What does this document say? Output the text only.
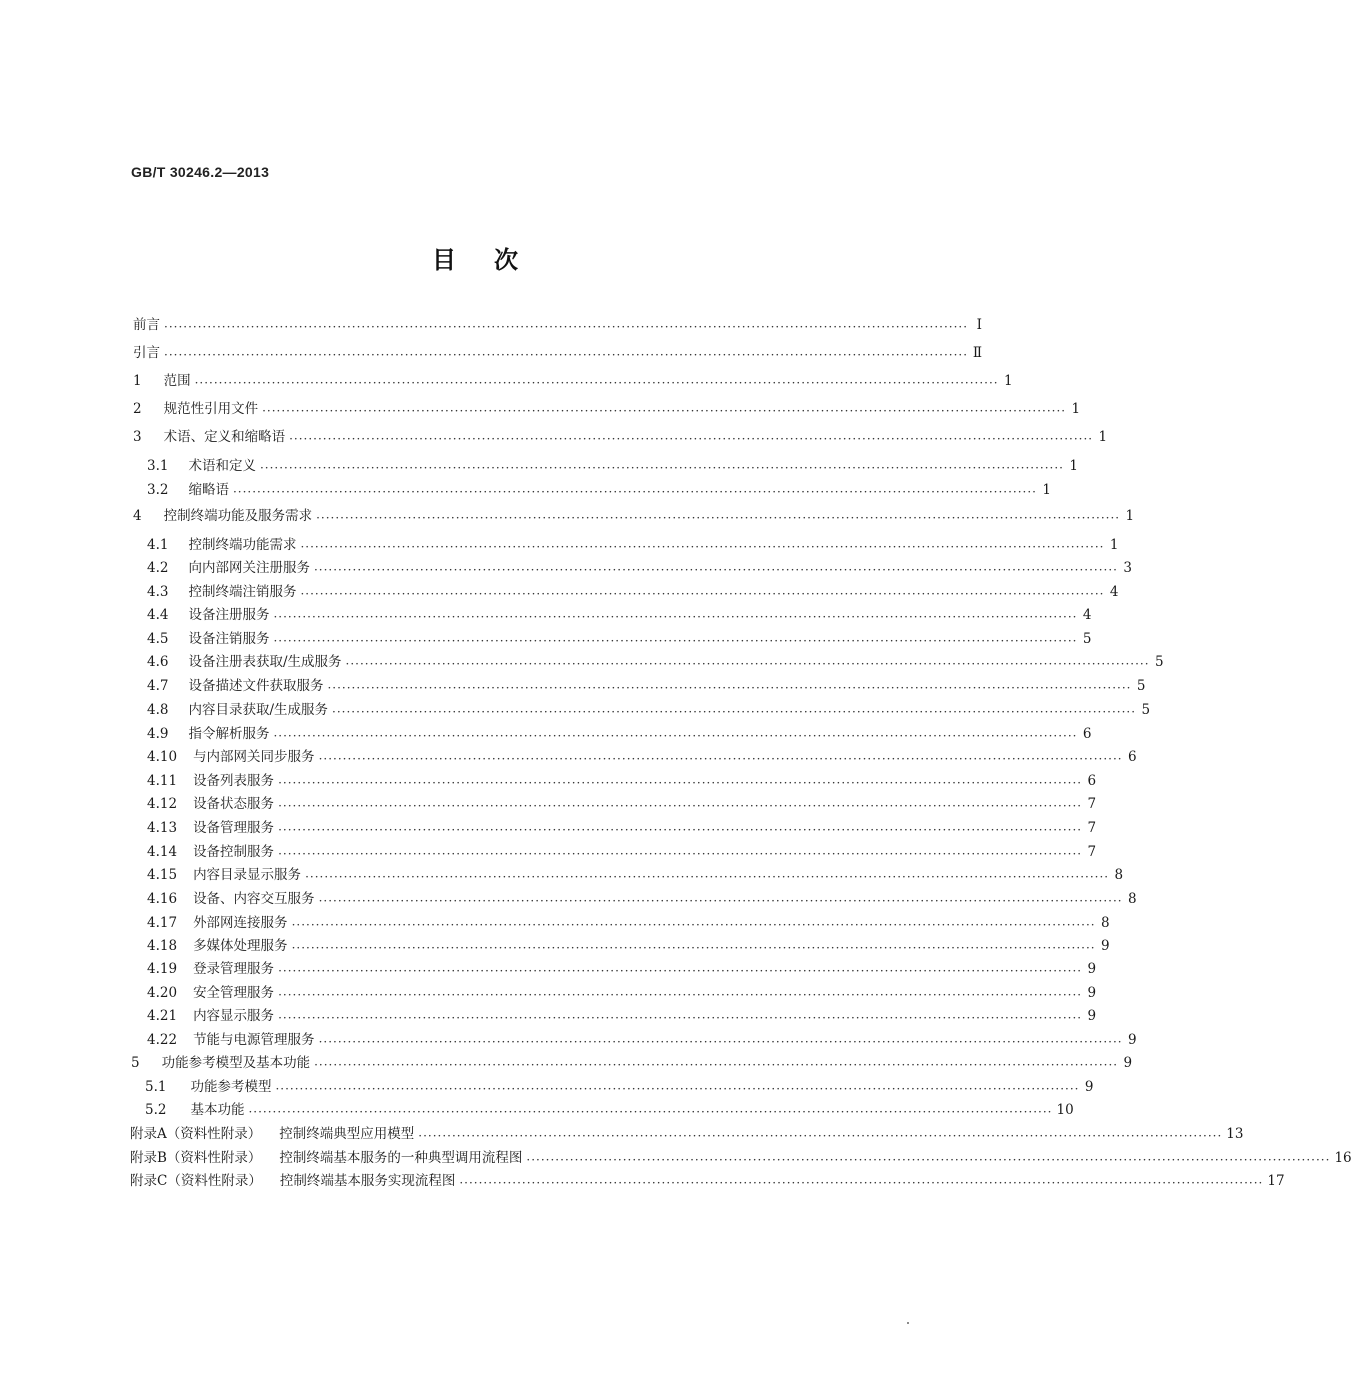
GB/T 30246.2—2013
目次
前言 ······································································································································································· Ⅰ
引言 ······································································································································································· Ⅱ
1 范围 ······································································································································································· 1
2 规范性引用文件 ······································································································································································· 1
3 术语、定义和缩略语 ······································································································································································· 1
3.1 术语和定义 ······································································································································································· 1
3.2 缩略语 ······································································································································································· 1
4 控制终端功能及服务需求 ······································································································································································· 1
4.1 控制终端功能需求 ······································································································································································· 1
4.2 向内部网关注册服务 ······································································································································································· 3
4.3 控制终端注销服务 ······································································································································································· 4
4.4 设备注册服务 ······································································································································································· 4
4.5 设备注销服务 ······································································································································································· 5
4.6 设备注册表获取/生成服务 ······································································································································································· 5
4.7 设备描述文件获取服务 ······································································································································································· 5
4.8 内容目录获取/生成服务 ······································································································································································· 5
4.9 指令解析服务 ······································································································································································· 6
4.10 与内部网关同步服务 ······································································································································································· 6
4.11 设备列表服务 ······································································································································································· 6
4.12 设备状态服务 ······································································································································································· 7
4.13 设备管理服务 ······································································································································································· 7
4.14 设备控制服务 ······································································································································································· 7
4.15 内容目录显示服务 ······································································································································································· 8
4.16 设备、内容交互服务 ······································································································································································· 8
4.17 外部网连接服务 ······································································································································································· 8
4.18 多媒体处理服务 ······································································································································································· 9
4.19 登录管理服务 ······································································································································································· 9
4.20 安全管理服务 ······································································································································································· 9
4.21 内容显示服务 ······································································································································································· 9
4.22 节能与电源管理服务 ······································································································································································· 9
5 功能参考模型及基本功能 ······································································································································································· 9
5.1 功能参考模型 ······································································································································································· 9
5.2 基本功能 ······································································································································································· 10
附录A（资料性附录） 控制终端典型应用模型 ······································································································································································· 13
附录B（资料性附录） 控制终端基本服务的一种典型调用流程图 ······································································································································································· 16
附录C（资料性附录） 控制终端基本服务实现流程图 ······································································································································································· 17
